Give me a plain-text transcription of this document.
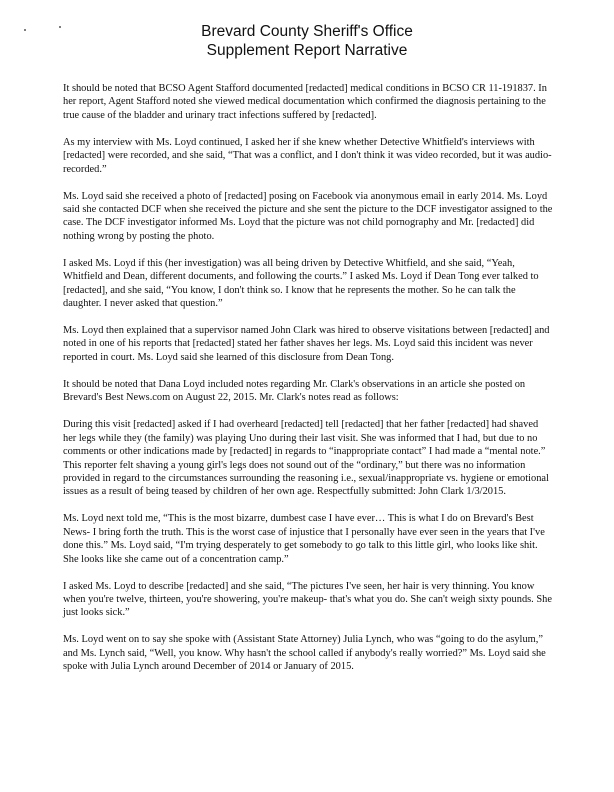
Brevard County Sheriff's Office
Supplement Report Narrative

It should be noted that BCSO Agent Stafford documented [redacted] medical conditions in BCSO CR 11-191837. In her report, Agent Stafford noted she viewed medical documentation which confirmed the diagnosis pertaining to the true cause of the bladder and urinary tract infections suffered by [redacted].

As my interview with Ms. Loyd continued, I asked her if she knew whether Detective Whitfield's interviews with [redacted] were recorded, and she said, “That was a conflict, and I don't think it was video recorded, but it was audio-recorded.”

Ms. Loyd said she received a photo of [redacted] posing on Facebook via anonymous email in early 2014. Ms. Loyd said she contacted DCF when she received the picture and she sent the picture to the DCF investigator assigned to the case. The DCF investigator informed Ms. Loyd that the picture was not child pornography and Mr. [redacted] did nothing wrong by posting the photo.

I asked Ms. Loyd if this (her investigation) was all being driven by Detective Whitfield, and she said, “Yeah, Whitfield and Dean, different documents, and following the courts.” I asked Ms. Loyd if Dean Tong ever talked to [redacted], and she said, “You know, I don't think so. I know that he represents the mother. So he can talk the daughter. I never asked that question.”

Ms. Loyd then explained that a supervisor named John Clark was hired to observe visitations between [redacted] and noted in one of his reports that [redacted] stated her father shaves her legs. Ms. Loyd said this incident was never reported in court. Ms. Loyd said she learned of this disclosure from Dean Tong.

It should be noted that Dana Loyd included notes regarding Mr. Clark's observations in an article she posted on Brevard's Best News.com on August 22, 2015. Mr. Clark's notes read as follows:

During this visit [redacted] asked if I had overheard [redacted] tell [redacted] that her father [redacted] had shaved her legs while they (the family) was playing Uno during their last visit. She was informed that I had, but due to no comments or other indications made by [redacted] in regards to “inappropriate contact” I had made a “mental note.” This reporter felt shaving a young girl's legs does not sound out of the “ordinary,” but there was no information provided in regard to the circumstances surrounding the reasoning i.e., sexual/inappropriate vs. hygiene or emotional issues as a result of being teased by children of her own age. Respectfully submitted: John Clark 1/3/2015.

Ms. Loyd next told me, “This is the most bizarre, dumbest case I have ever… This is what I do on Brevard's Best News- I bring forth the truth. This is the worst case of injustice that I personally have ever seen in the years that I've done this.” Ms. Loyd said, “I'm trying desperately to get somebody to go talk to this little girl, who looks like shit. She looks like she came out of a concentration camp.”

I asked Ms. Loyd to describe [redacted] and she said, “The pictures I've seen, her hair is very thinning. You know when you're twelve, thirteen, you're showering, you're makeup- that's what you do. She can't weigh sixty pounds. She just looks sick.”

Ms. Loyd went on to say she spoke with (Assistant State Attorney) Julia Lynch, who was “going to do the asylum,” and Ms. Lynch said, “Well, you know. Why hasn't the school called if anybody's really worried?” Ms. Loyd said she spoke with Julia Lynch around December of 2014 or January of 2015.
